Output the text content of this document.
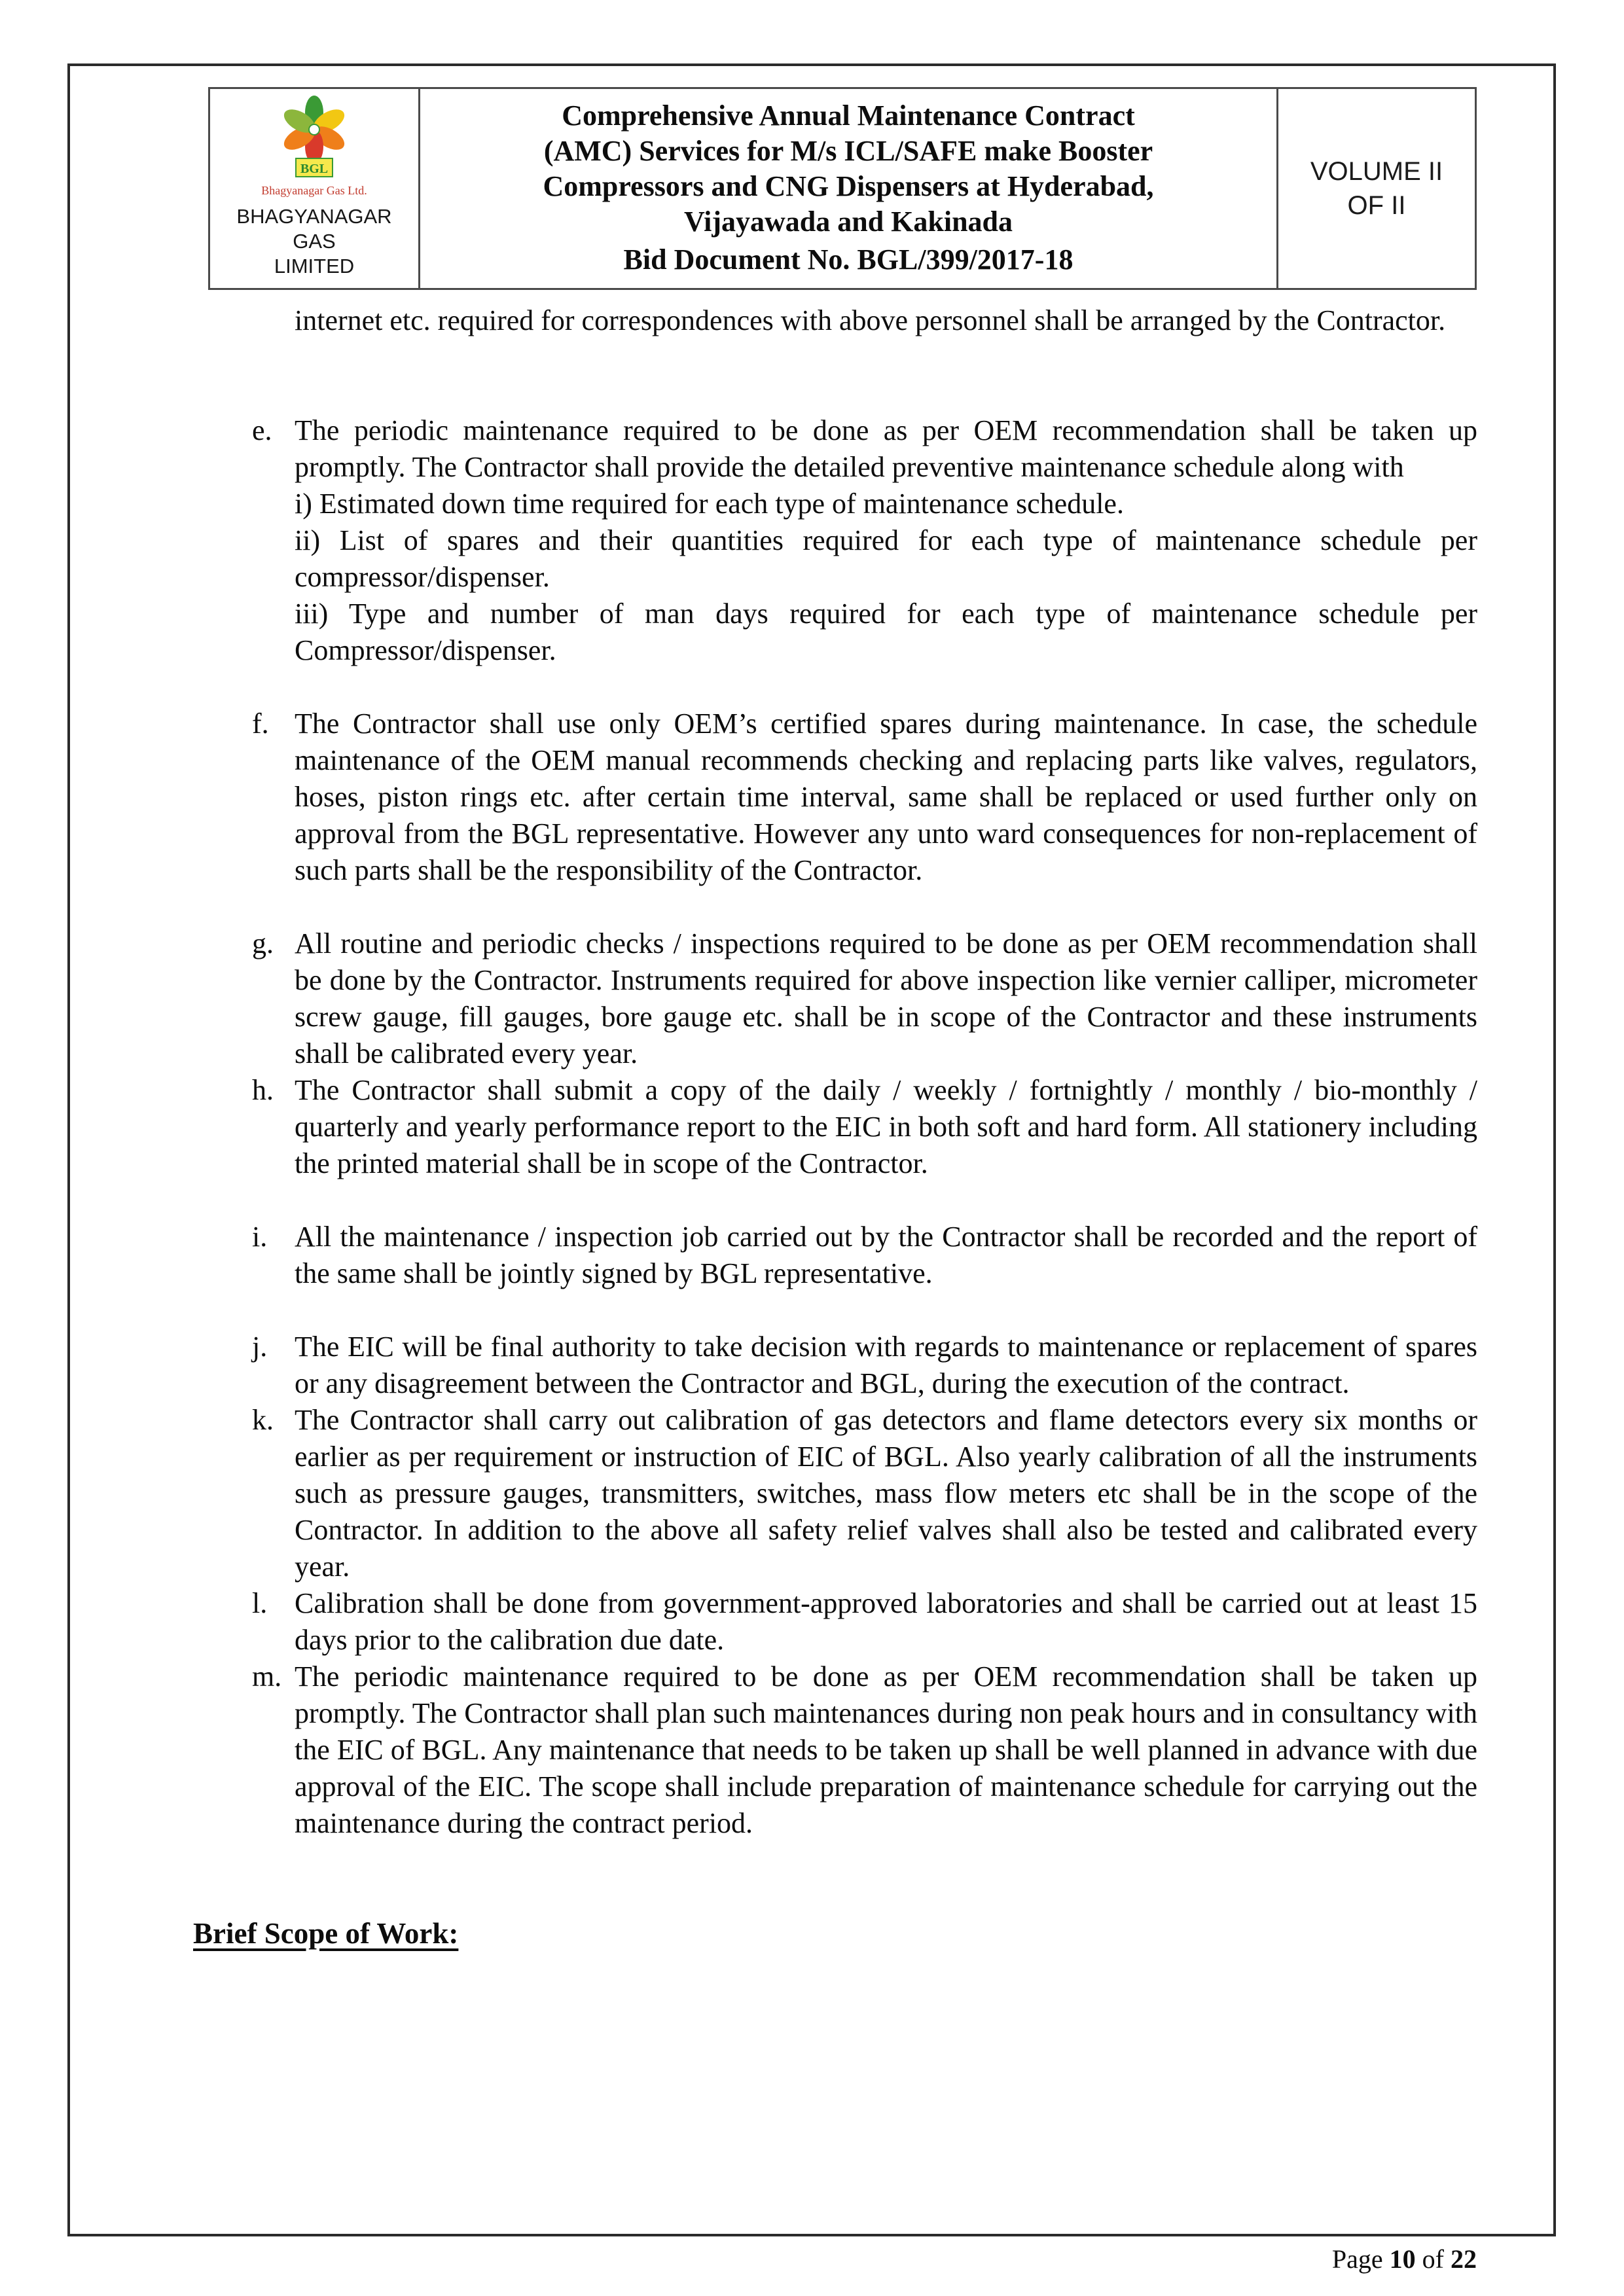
BGL
Bhagyanagar Gas Ltd.
BHAGYANAGAR GAS
LIMITED
Comprehensive Annual Maintenance Contract
(AMC) Services for M/s ICL/SAFE make Booster
Compressors and CNG Dispensers at Hyderabad,
Vijayawada and Kakinada
Bid Document No. BGL/399/2017-18
VOLUME II
OF II

internet etc. required for correspondences with above personnel shall be arranged by the Contractor.

e. The periodic maintenance required to be done as per OEM recommendation shall be taken up promptly. The Contractor shall provide the detailed preventive maintenance schedule along with

i) Estimated down time required for each type of maintenance schedule.

ii) List of spares and their quantities required for each type of maintenance schedule per compressor/dispenser.

iii) Type and number of man days required for each type of maintenance schedule per Compressor/dispenser.

f. The Contractor shall use only OEM’s certified spares during maintenance. In case, the schedule maintenance of the OEM manual recommends checking and replacing parts like valves, regulators, hoses, piston rings etc. after certain time interval, same shall be replaced or used further only on approval from the BGL representative. However any unto ward consequences for non-replacement of such parts shall be the responsibility of the Contractor.

g. All routine and periodic checks / inspections required to be done as per OEM recommendation shall be done by the Contractor. Instruments required for above inspection like vernier calliper, micrometer screw gauge, fill gauges, bore gauge etc. shall be in scope of the Contractor and these instruments shall be calibrated every year.

h. The Contractor shall submit a copy of the daily / weekly / fortnightly / monthly / bio-monthly / quarterly and yearly performance report to the EIC in both soft and hard form. All stationery including the printed material shall be in scope of the Contractor.

i. All the maintenance / inspection job carried out by the Contractor shall be recorded and the report of the same shall be jointly signed by BGL representative.

j. The EIC will be final authority to take decision with regards to maintenance or replacement of spares or any disagreement between the Contractor and BGL, during the execution of the contract.

k. The Contractor shall carry out calibration of gas detectors and flame detectors every six months or earlier as per requirement or instruction of EIC of BGL. Also yearly calibration of all the instruments such as pressure gauges, transmitters, switches, mass flow meters etc shall be in the scope of the Contractor. In addition to the above all safety relief valves shall also be tested and calibrated every year.

l. Calibration shall be done from government-approved laboratories and shall be carried out at least 15 days prior to the calibration due date.

m. The periodic maintenance required to be done as per OEM recommendation shall be taken up promptly. The Contractor shall plan such maintenances during non peak hours and in consultancy with the EIC of BGL. Any maintenance that needs to be taken up shall be well planned in advance with due approval of the EIC. The scope shall include preparation of maintenance schedule for carrying out the maintenance during the contract period.

Brief Scope of Work:
Page 10 of 22
